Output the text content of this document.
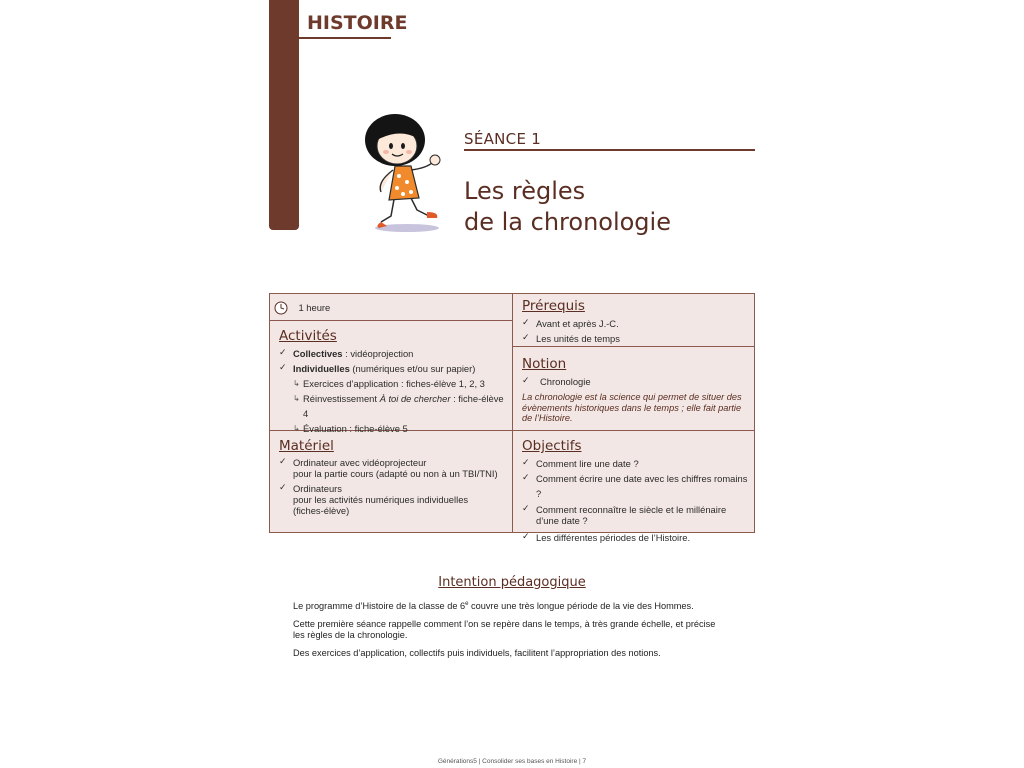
HISTOIRE
SÉANCE 1
Les règles
de la chronologie
1 heure
Activités
✓ Collectives : vidéoprojection
✓ Individuelles (numériques et/ou sur papier)
↳ Exercices d’application : fiches-élève 1, 2, 3
↳ Réinvestissement À toi de chercher : fiche-élève 4
↳ Évaluation : fiche-élève 5
Matériel
✓ Ordinateur avec vidéoprojecteur
pour la partie cours (adapté ou non à un TBI/TNI)
✓ Ordinateurs
pour les activités numériques individuelles
(fiches-élève)
Prérequis
✓ Avant et après J.-C.
✓ Les unités de temps
Notion
✓ Chronologie
La chronologie est la science qui permet de situer des évènements historiques dans le temps ; elle fait partie de l’Histoire.
Objectifs
✓ Comment lire une date ?
✓ Comment écrire une date avec les chiffres romains ?
✓ Comment reconnaître le siècle et le millénaire
d’une date ?
✓ Les différentes périodes de l’Histoire.
Intention pédagogique

Le programme d’Histoire de la classe de 6e couvre une très longue période de la vie des Hommes.

Cette première séance rappelle comment l’on se repère dans le temps, à très grande échelle, et précise
les règles de la chronologie.

Des exercices d’application, collectifs puis individuels, facilitent l’appropriation des notions.

Générations5 | Consolider ses bases en Histoire | 7
